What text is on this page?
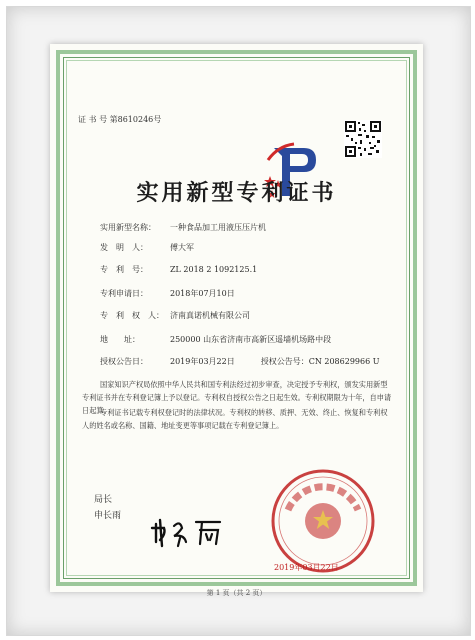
证 书 号 第8610246号
实用新型专利证书
实用新型名称： 一种食品加工用液压压片机
发　明　人：	傅大军
专　利　号：	ZL 2018 2 1092125.1
专利申请日：	2018年07月10日
专　利　权　人： 济南真诺机械有限公司
地　　址：	250000 山东省济南市高新区遥墙机场路中段
授权公告日：	2019年03月22日	授权公告号：CN 208629966 U
国家知识产权局依照中华人民共和国专利法经过初步审查，决定授予专利权，颁发实用新型专利证书并在专利登记簿上予以登记。专利权自授权公告之日起生效。专利权期限为十年，自申请日起算。
专利证书记载专利权登记时的法律状况。专利权的转移、质押、无效、终止、恢复和专利权人的姓名或名称、国籍、地址变更等事项记载在专利登记簿上。
局长
申长雨
2019年03月22日
第 1 页（共 2 页）
